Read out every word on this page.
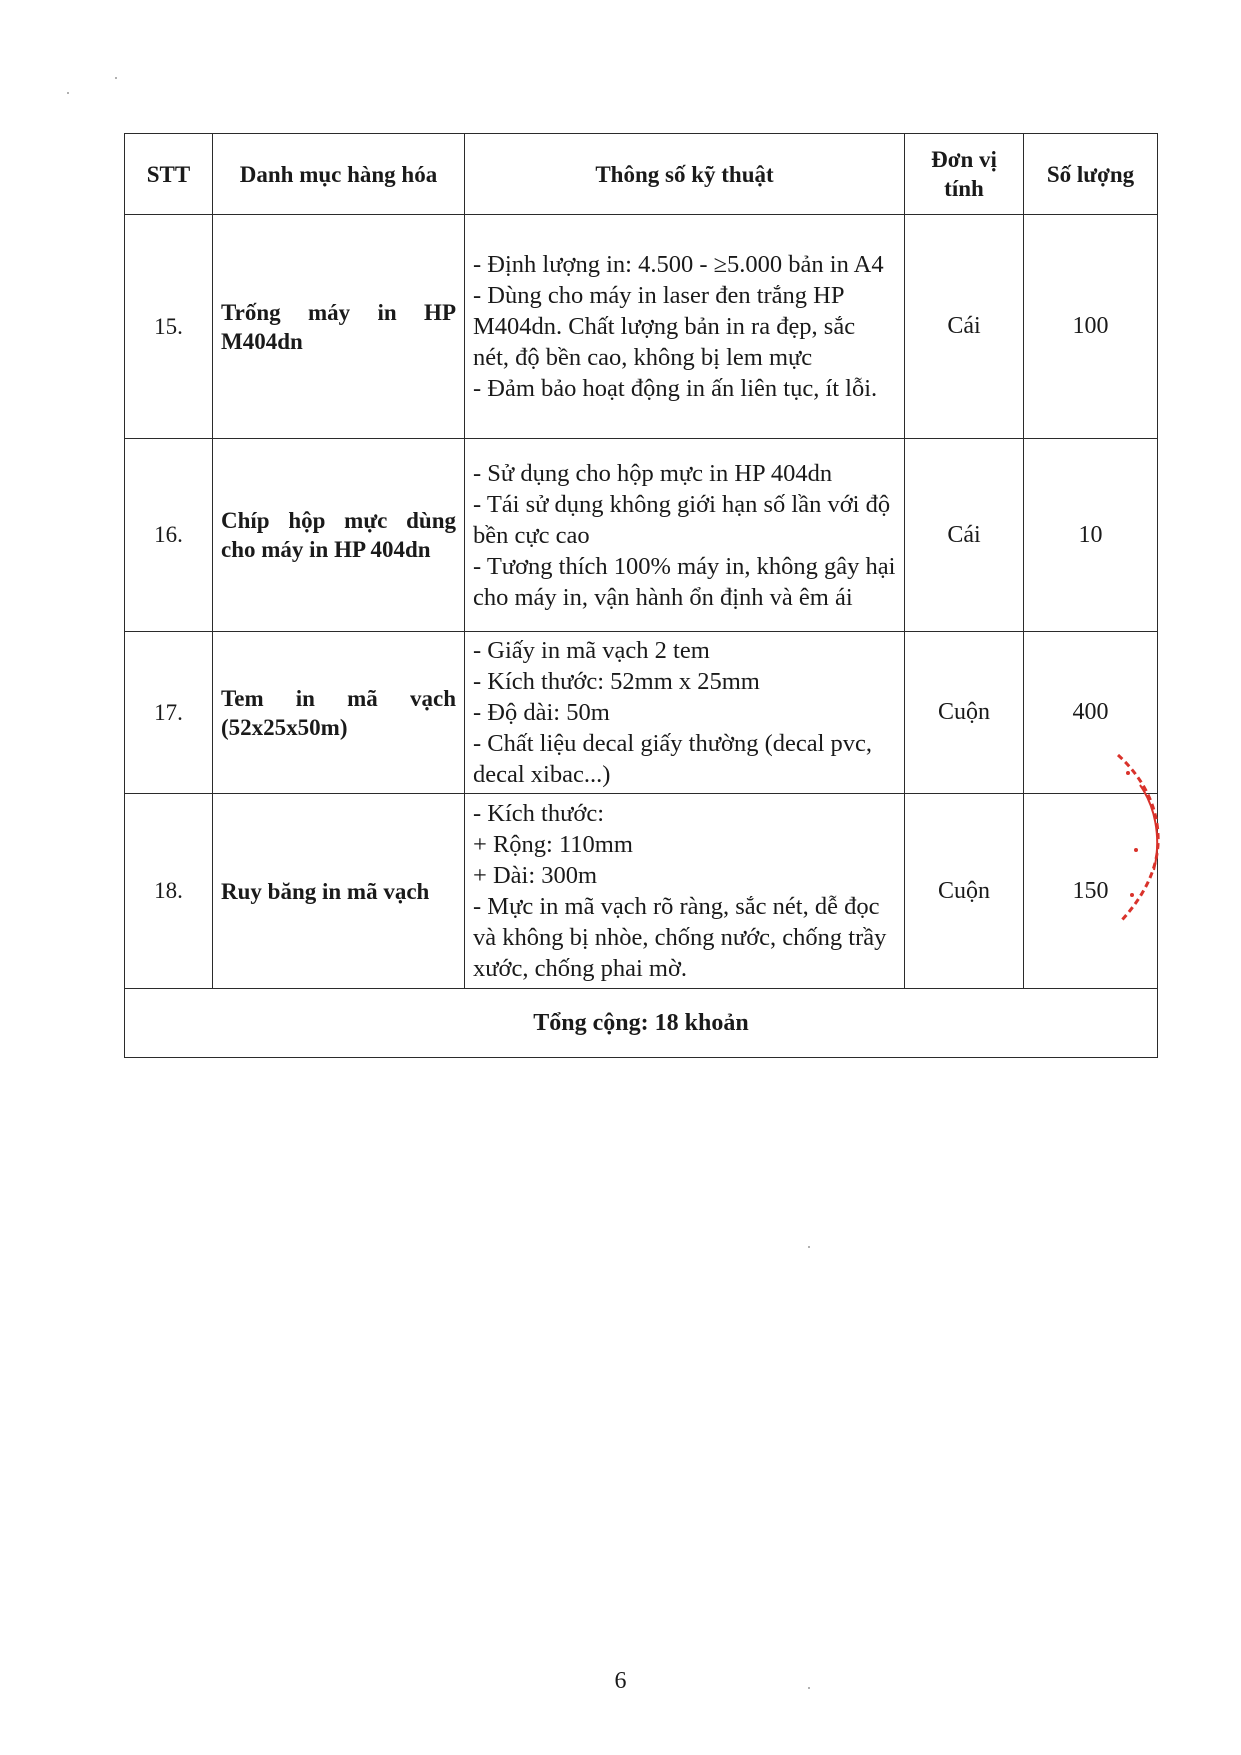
STT	Danh mục hàng hóa	Thông số kỹ thuật	Đơn vị tính	Số lượng
15.	Trống máy in HP M404dn	- Định lượng in: 4.500 - ≥5.000 bản in A4
- Dùng cho máy in laser đen trắng HP M404dn. Chất lượng bản in ra đẹp, sắc nét, độ bền cao, không bị lem mực
- Đảm bảo hoạt động in ấn liên tục, ít lỗi.	Cái	100
16.	Chíp hộp mực dùng cho máy in HP 404dn	- Sử dụng cho hộp mực in HP 404dn
- Tái sử dụng không giới hạn số lần với độ bền cực cao
- Tương thích 100% máy in, không gây hại cho máy in, vận hành ổn định và êm ái	Cái	10
17.	Tem in mã vạch (52x25x50m)	- Giấy in mã vạch 2 tem
- Kích thước: 52mm x 25mm
- Độ dài: 50m
- Chất liệu decal giấy thường (decal pvc, decal xibac...)	Cuộn	400
18.	Ruy băng in mã vạch	- Kích thước:
+ Rộng: 110mm
+ Dài: 300m
- Mực in mã vạch rõ ràng, sắc nét, dễ đọc và không bị nhòe, chống nước, chống trầy xước, chống phai mờ.	Cuộn	150
Tổng cộng: 18 khoản				
6
